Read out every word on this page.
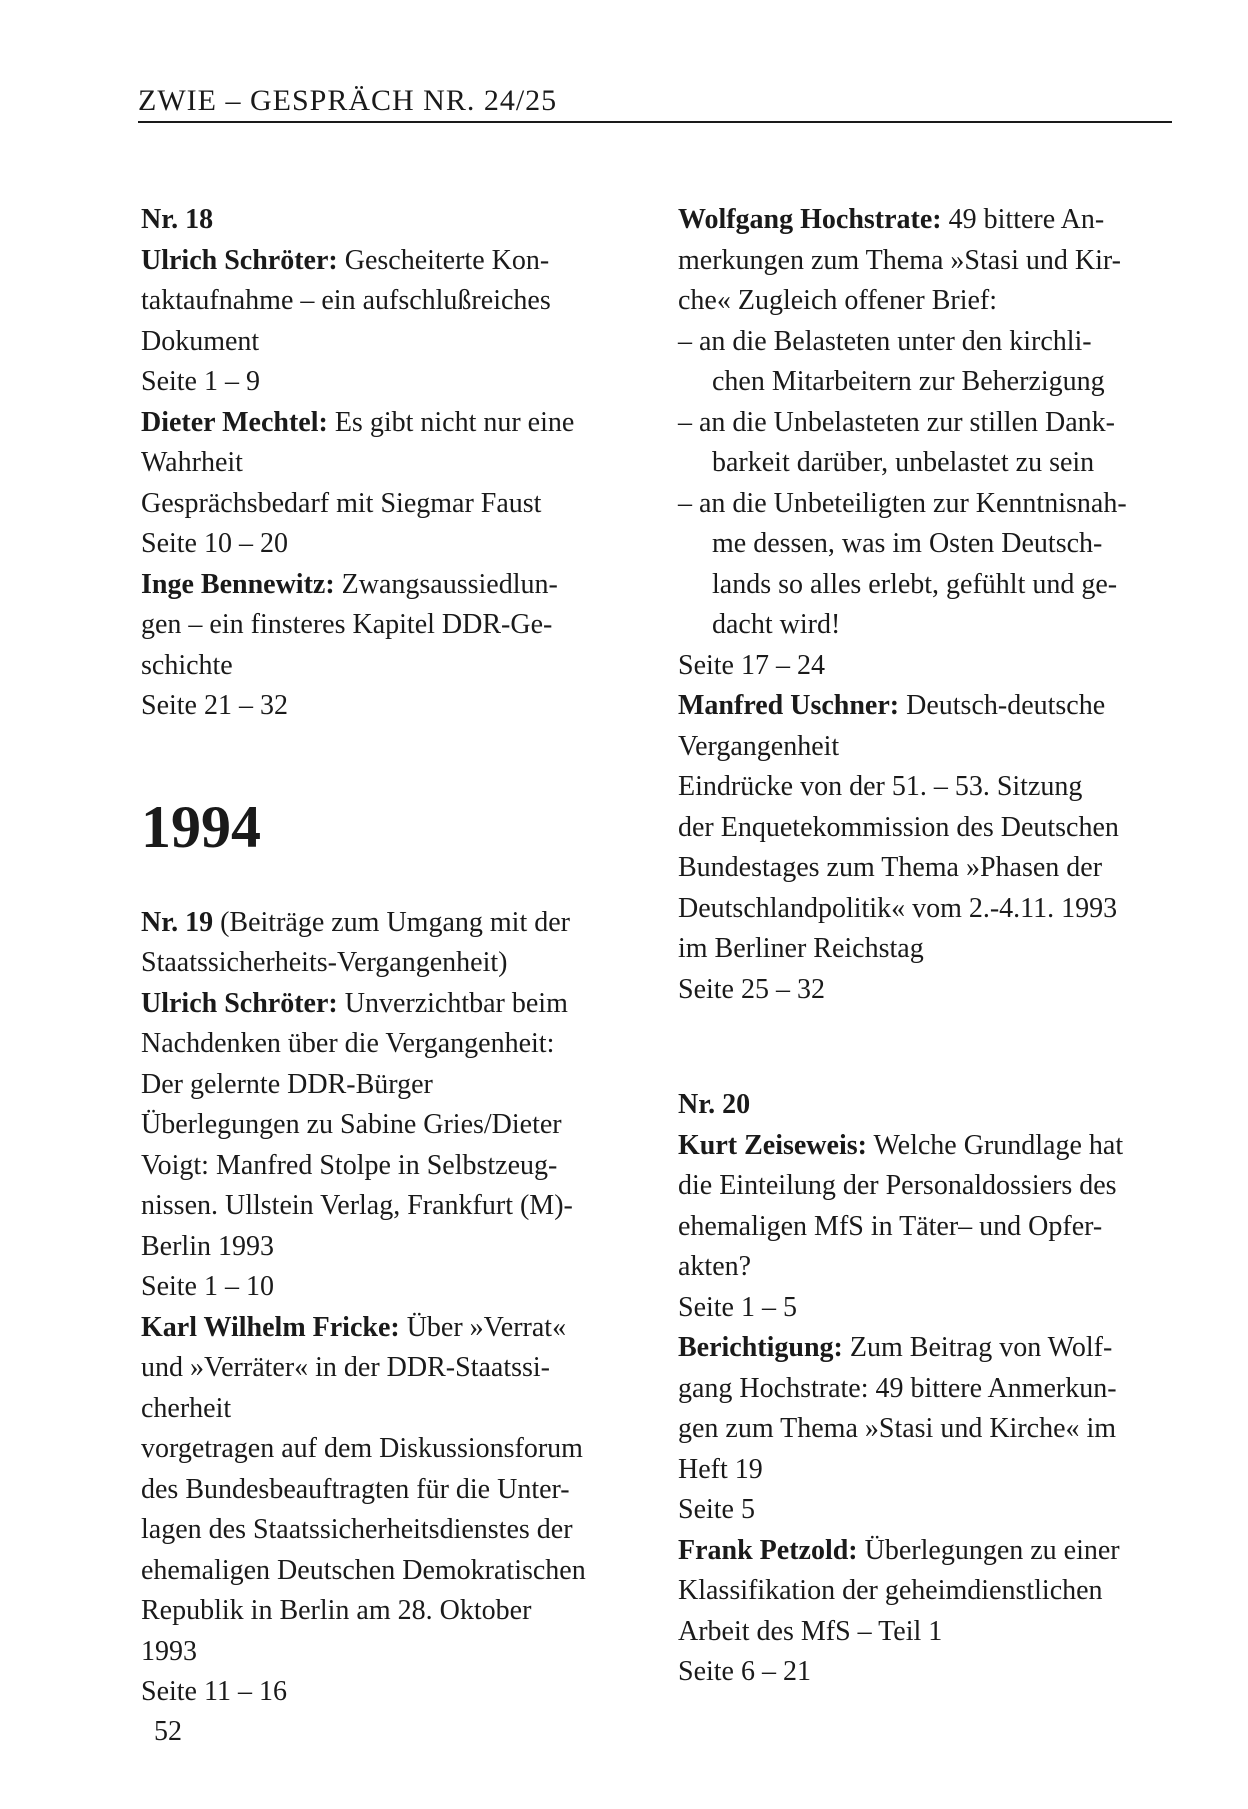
ZWIE – GESPRÄCH NR. 24/25
Nr. 18
Ulrich Schröter: Gescheiterte Kon-
taktaufnahme – ein aufschlußreiches
Dokument
Seite 1 – 9
Dieter Mechtel: Es gibt nicht nur eine
Wahrheit
Gesprächsbedarf mit Siegmar Faust
Seite 10 – 20
Inge Bennewitz: Zwangsaussiedlun-
gen – ein finsteres Kapitel DDR-Ge-
schichte
Seite 21 – 32
1994
Nr. 19 (Beiträge zum Umgang mit der
Staatssicherheits-Vergangenheit)
Ulrich Schröter: Unverzichtbar beim
Nachdenken über die Vergangenheit:
Der gelernte DDR-Bürger
Überlegungen zu Sabine Gries/Dieter
Voigt: Manfred Stolpe in Selbstzeug-
nissen. Ullstein Verlag, Frankfurt (M)-
Berlin 1993
Seite 1 – 10
Karl Wilhelm Fricke: Über »Verrat«
und »Verräter« in der DDR-Staatssi-
cherheit
vorgetragen auf dem Diskussionsforum
des Bundesbeauftragten für die Unter-
lagen des Staatssicherheitsdienstes der
ehemaligen Deutschen Demokratischen
Republik in Berlin am 28. Oktober
1993
Seite 11 – 16
Wolfgang Hochstrate: 49 bittere An-
merkungen zum Thema »Stasi und Kir-
che« Zugleich offener Brief:
– an die Belasteten unter den kirchli-
chen Mitarbeitern zur Beherzigung
– an die Unbelasteten zur stillen Dank-
barkeit darüber, unbelastet zu sein
– an die Unbeteiligten zur Kenntnisnah-
me dessen, was im Osten Deutsch-
lands so alles erlebt, gefühlt und ge-
dacht wird!
Seite 17 – 24
Manfred Uschner: Deutsch-deutsche
Vergangenheit
Eindrücke von der 51. – 53. Sitzung
der Enquetekommission des Deutschen
Bundestages zum Thema »Phasen der
Deutschlandpolitik« vom 2.-4.11. 1993
im Berliner Reichstag
Seite 25 – 32
Nr. 20
Kurt Zeiseweis: Welche Grundlage hat
die Einteilung der Personaldossiers des
ehemaligen MfS in Täter– und Opfer-
akten?
Seite 1 – 5
Berichtigung: Zum Beitrag von Wolf-
gang Hochstrate: 49 bittere Anmerkun-
gen zum Thema »Stasi und Kirche« im
Heft 19
Seite 5
Frank Petzold: Überlegungen zu einer
Klassifikation der geheimdienstlichen
Arbeit des MfS – Teil 1
Seite 6 – 21
52
